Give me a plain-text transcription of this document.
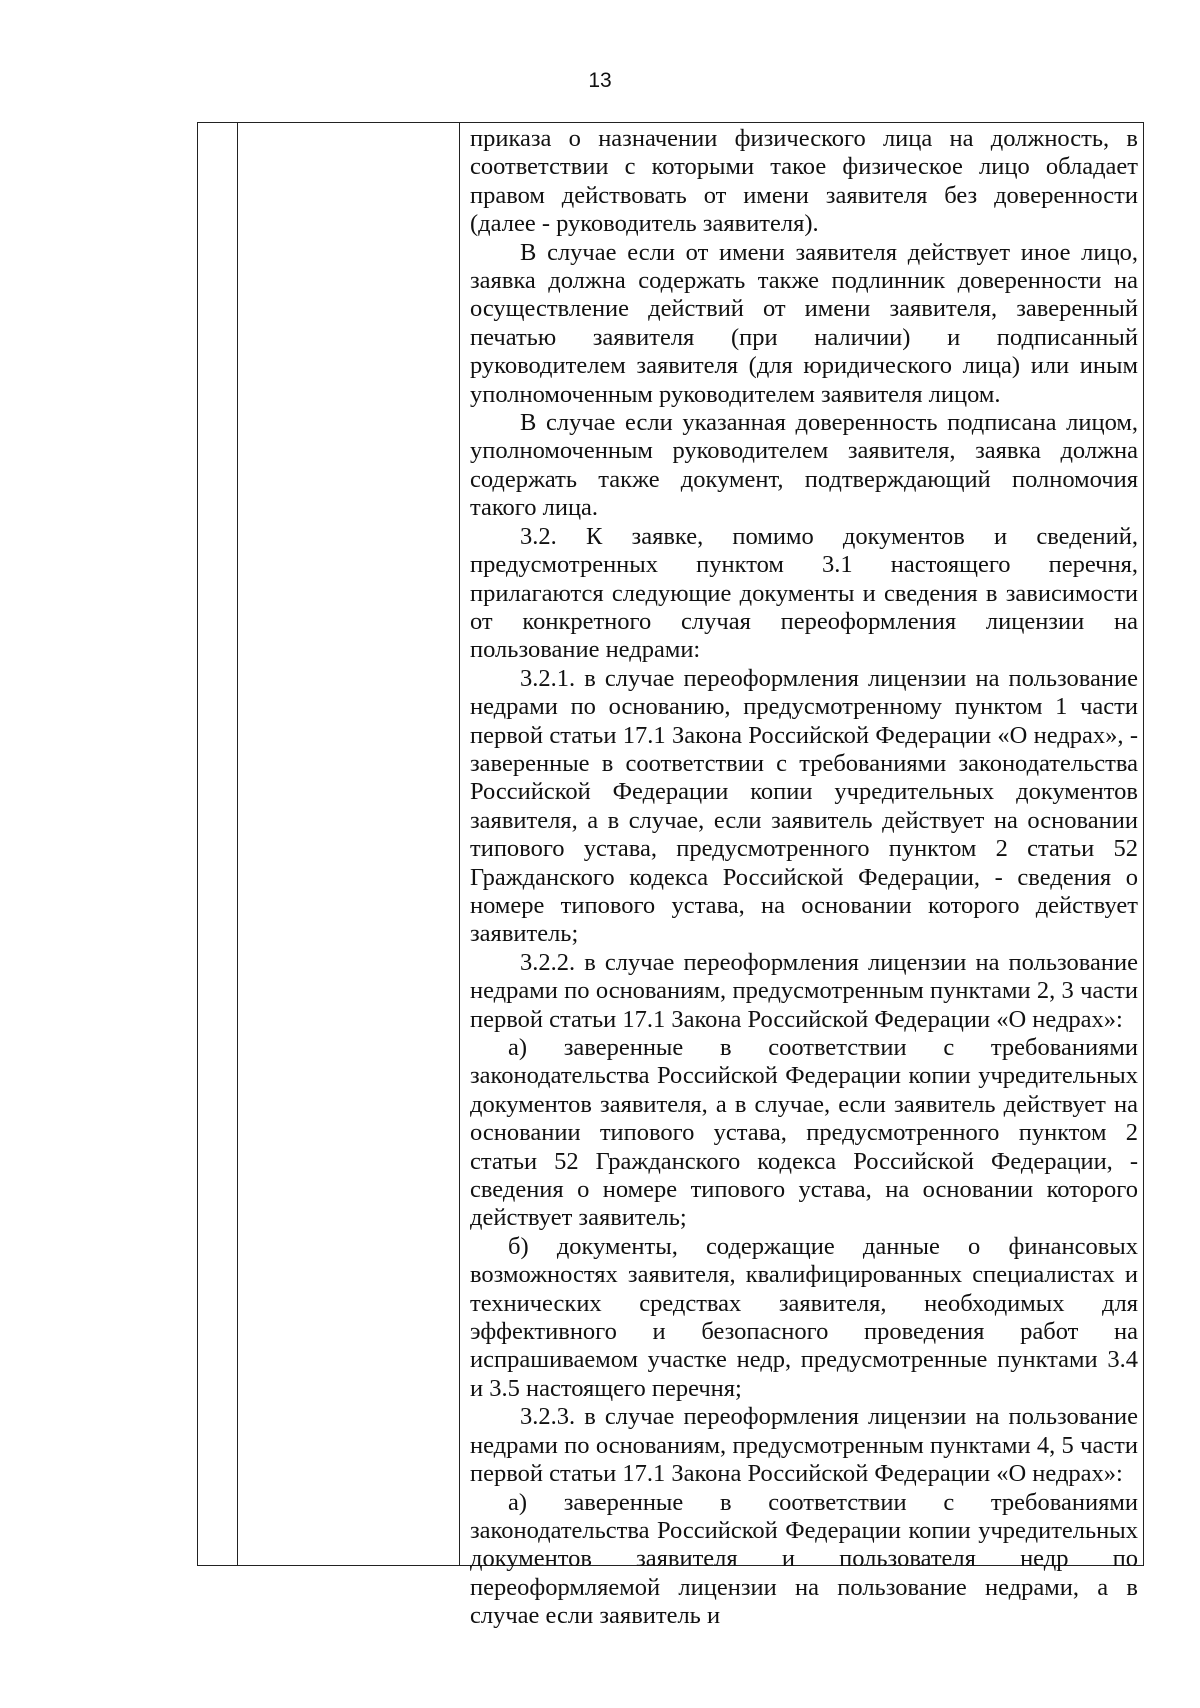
13

приказа о назначении физического лица на должность, в соответствии с которыми такое физическое лицо обладает правом действовать от имени заявителя без доверенности (далее - руководитель заявителя).

В случае если от имени заявителя действует иное лицо, заявка должна содержать также подлинник доверенности на осуществление действий от имени заявителя, заверенный печатью заявителя (при наличии) и подписанный руководителем заявителя (для юридического лица) или иным уполномоченным руководителем заявителя лицом.

В случае если указанная доверенность подписана лицом, уполномоченным руководителем заявителя, заявка должна содержать также документ, подтверждающий полномочия такого лица.

3.2. К заявке, помимо документов и сведений, предусмотренных пунктом 3.1 настоящего перечня, прилагаются следующие документы и сведения в зависимости от конкретного случая переоформления лицензии на пользование недрами:

3.2.1. в случае переоформления лицензии на пользование недрами по основанию, предусмотренному пунктом 1 части первой статьи 17.1 Закона Российской Федерации «О недрах», - заверенные в соответствии с требованиями законодательства Российской Федерации копии учредительных документов заявителя, а в случае, если заявитель действует на основании типового устава, предусмотренного пунктом 2 статьи 52 Гражданского кодекса Российской Федерации, - сведения о номере типового устава, на основании которого действует заявитель;

3.2.2. в случае переоформления лицензии на пользование недрами по основаниям, предусмотренным пунктами 2, 3 части первой статьи 17.1 Закона Российской Федерации «О недрах»:

а) заверенные в соответствии с требованиями законодательства Российской Федерации копии учредительных документов заявителя, а в случае, если заявитель действует на основании типового устава, предусмотренного пунктом 2 статьи 52 Гражданского кодекса Российской Федерации, - сведения о номере типового устава, на основании которого действует заявитель;

б) документы, содержащие данные о финансовых возможностях заявителя, квалифицированных специалистах и технических средствах заявителя, необходимых для эффективного и безопасного проведения работ на испрашиваемом участке недр, предусмотренные пунктами 3.4 и 3.5 настоящего перечня;

3.2.3. в случае переоформления лицензии на пользование недрами по основаниям, предусмотренным пунктами 4, 5 части первой статьи 17.1 Закона Российской Федерации «О недрах»:

а) заверенные в соответствии с требованиями законодательства Российской Федерации копии учредительных документов заявителя и пользователя недр по переоформляемой лицензии на пользование недрами, а в случае если заявитель и
